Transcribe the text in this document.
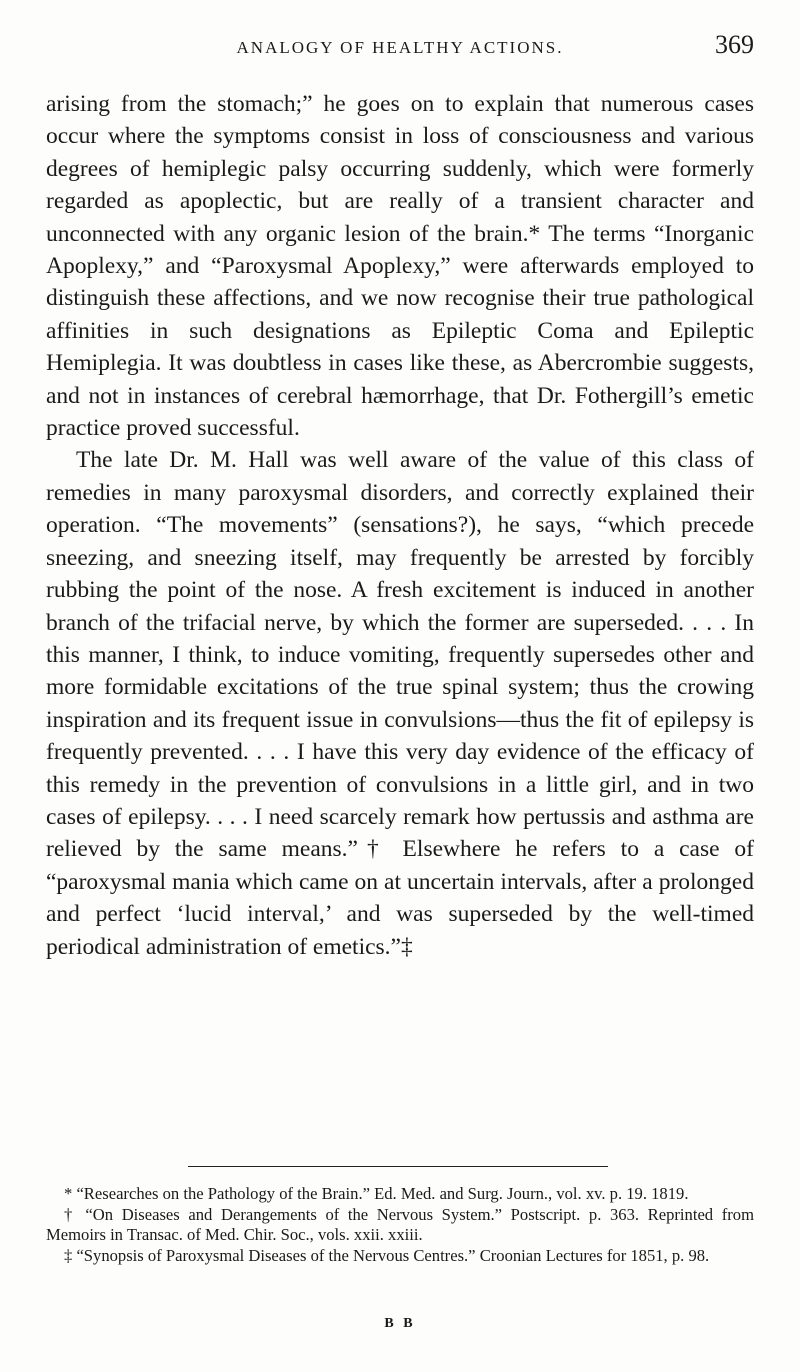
ANALOGY OF HEALTHY ACTIONS.	369

arising from the stomach;” he goes on to explain that numerous cases occur where the symptoms consist in loss of consciousness and various degrees of hemiplegic palsy occurring suddenly, which were formerly regarded as apoplectic, but are really of a transient character and unconnected with any organic lesion of the brain.* The terms “Inorganic Apoplexy,” and “Paroxysmal Apoplexy,” were afterwards employed to distinguish these affections, and we now recognise their true pathological affinities in such designations as Epileptic Coma and Epileptic Hemiplegia. It was doubtless in cases like these, as Abercrombie suggests, and not in instances of cerebral hæmorrhage, that Dr. Fothergill’s emetic practice proved successful.

The late Dr. M. Hall was well aware of the value of this class of remedies in many paroxysmal disorders, and correctly explained their operation. “The movements” (sensations?), he says, “which precede sneezing, and sneezing itself, may frequently be arrested by forcibly rubbing the point of the nose. A fresh excitement is induced in another branch of the trifacial nerve, by which the former are superseded. . . . In this manner, I think, to induce vomiting, frequently supersedes other and more formidable excitations of the true spinal system; thus the crowing inspiration and its frequent issue in convulsions—thus the fit of epilepsy is frequently prevented. . . . I have this very day evidence of the efficacy of this remedy in the prevention of convulsions in a little girl, and in two cases of epilepsy. . . . I need scarcely remark how pertussis and asthma are relieved by the same means.”† Elsewhere he refers to a case of “paroxysmal mania which came on at uncertain intervals, after a prolonged and perfect ‘lucid interval,’ and was superseded by the well-timed periodical administration of emetics.”‡

* “Researches on the Pathology of the Brain.” Ed. Med. and Surg. Journ., vol. xv. p. 19. 1819.

† “On Diseases and Derangements of the Nervous System.” Postscript. p. 363. Reprinted from Memoirs in Transac. of Med. Chir. Soc., vols. xxii. xxiii.

‡ “Synopsis of Paroxysmal Diseases of the Nervous Centres.” Croonian Lectures for 1851, p. 98.

B B
